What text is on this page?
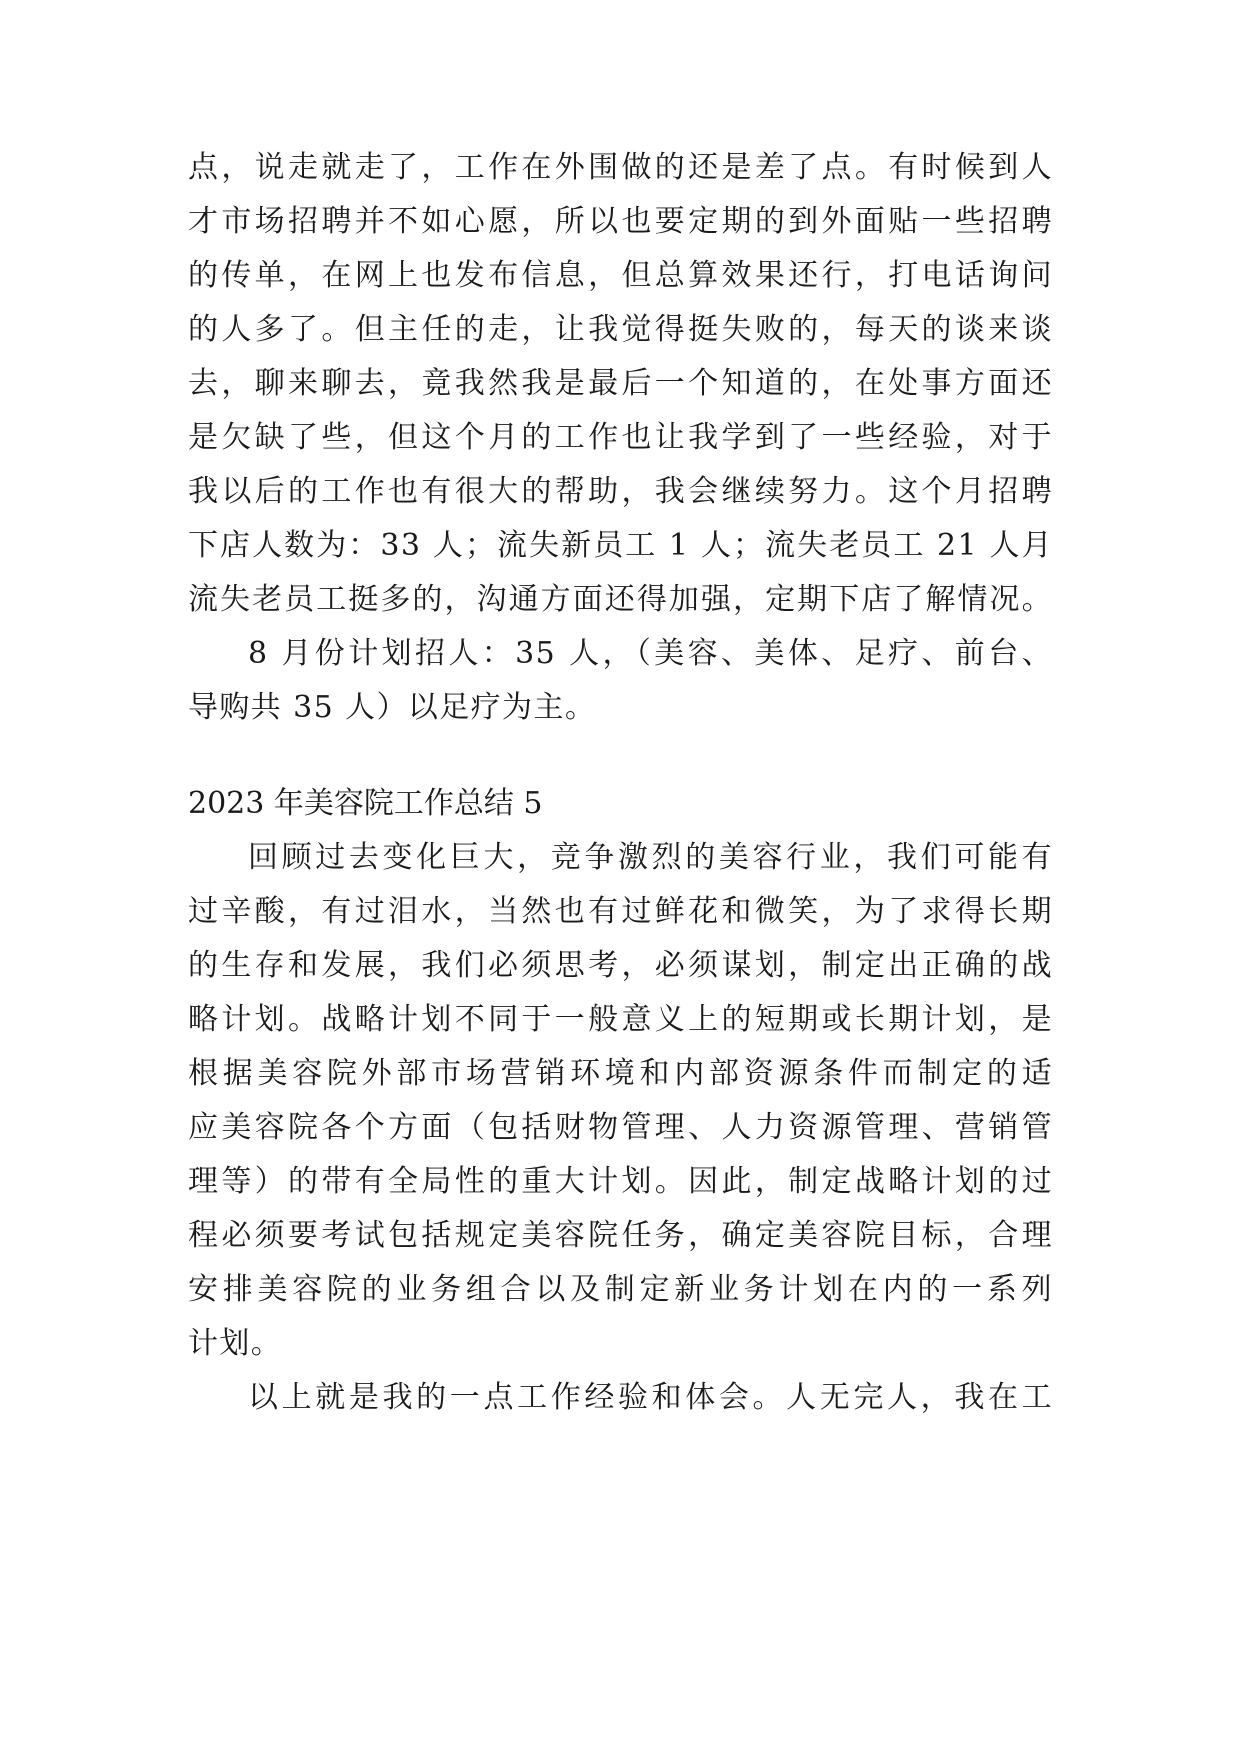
点，说走就走了，工作在外围做的还是差了点。有时候到人
才市场招聘并不如心愿，所以也要定期的到外面贴一些招聘
的传单，在网上也发布信息，但总算效果还行，打电话询问
的人多了。但主任的走，让我觉得挺失败的，每天的谈来谈
去，聊来聊去，竟我然我是最后一个知道的，在处事方面还
是欠缺了些，但这个月的工作也让我学到了一些经验，对于
我以后的工作也有很大的帮助，我会继续努力。这个月招聘
下店人数为：33 人；流失新员工 1 人；流失老员工 21 人月
流失老员工挺多的，沟通方面还得加强，定期下店了解情况。
8 月份计划招人：35 人，（美容、美体、足疗、前台、
导购共 35 人）以足疗为主。
2023 年美容院工作总结 5
回顾过去变化巨大，竞争激烈的美容行业，我们可能有
过辛酸，有过泪水，当然也有过鲜花和微笑，为了求得长期
的生存和发展，我们必须思考，必须谋划，制定出正确的战
略计划。战略计划不同于一般意义上的短期或长期计划，是
根据美容院外部市场营销环境和内部资源条件而制定的适
应美容院各个方面（包括财物管理、人力资源管理、营销管
理等）的带有全局性的重大计划。因此，制定战略计划的过
程必须要考试包括规定美容院任务，确定美容院目标，合理
安排美容院的业务组合以及制定新业务计划在内的一系列
计划。
以上就是我的一点工作经验和体会。人无完人，我在工
